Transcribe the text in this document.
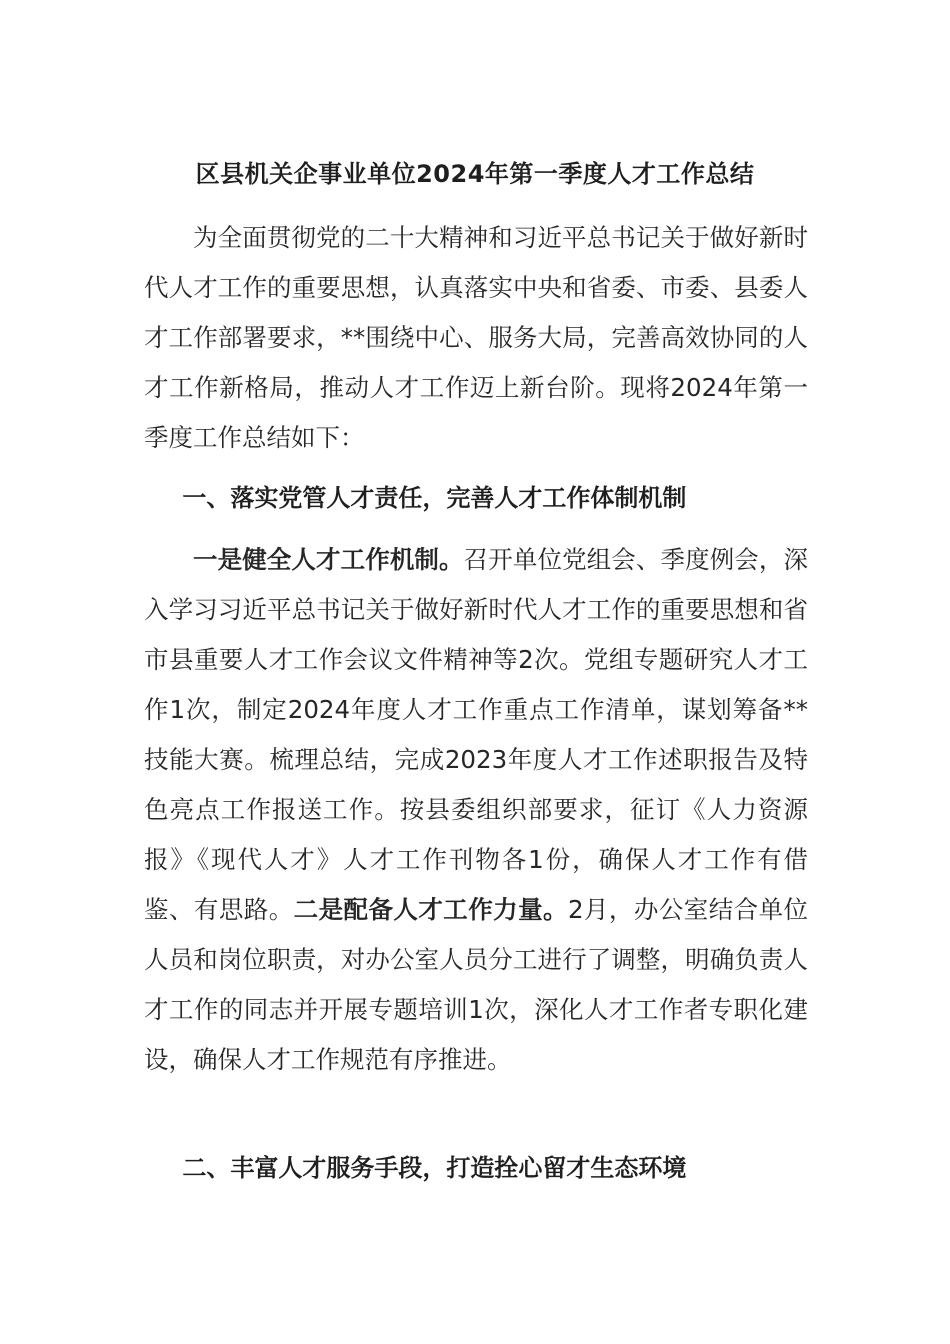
区县机关企事业单位2024年第一季度人才工作总结

为全面贯彻党的二十大精神和习近平总书记关于做好新时代人才工作的重要思想，认真落实中央和省委、市委、县委人才工作部署要求，**围绕中心、服务大局，完善高效协同的人才工作新格局，推动人才工作迈上新台阶。现将2024年第一季度工作总结如下：

一、落实党管人才责任，完善人才工作体制机制

一是健全人才工作机制。召开单位党组会、季度例会，深入学习习近平总书记关于做好新时代人才工作的重要思想和省市县重要人才工作会议文件精神等2次。党组专题研究人才工作1次，制定2024年度人才工作重点工作清单，谋划筹备**技能大赛。梳理总结，完成2023年度人才工作述职报告及特色亮点工作报送工作。按县委组织部要求，征订《人力资源报》《现代人才》人才工作刊物各1份，确保人才工作有借鉴、有思路。二是配备人才工作力量。2月，办公室结合单位人员和岗位职责，对办公室人员分工进行了调整，明确负责人才工作的同志并开展专题培训1次，深化人才工作者专职化建设，确保人才工作规范有序推进。

二、丰富人才服务手段，打造拴心留才生态环境
